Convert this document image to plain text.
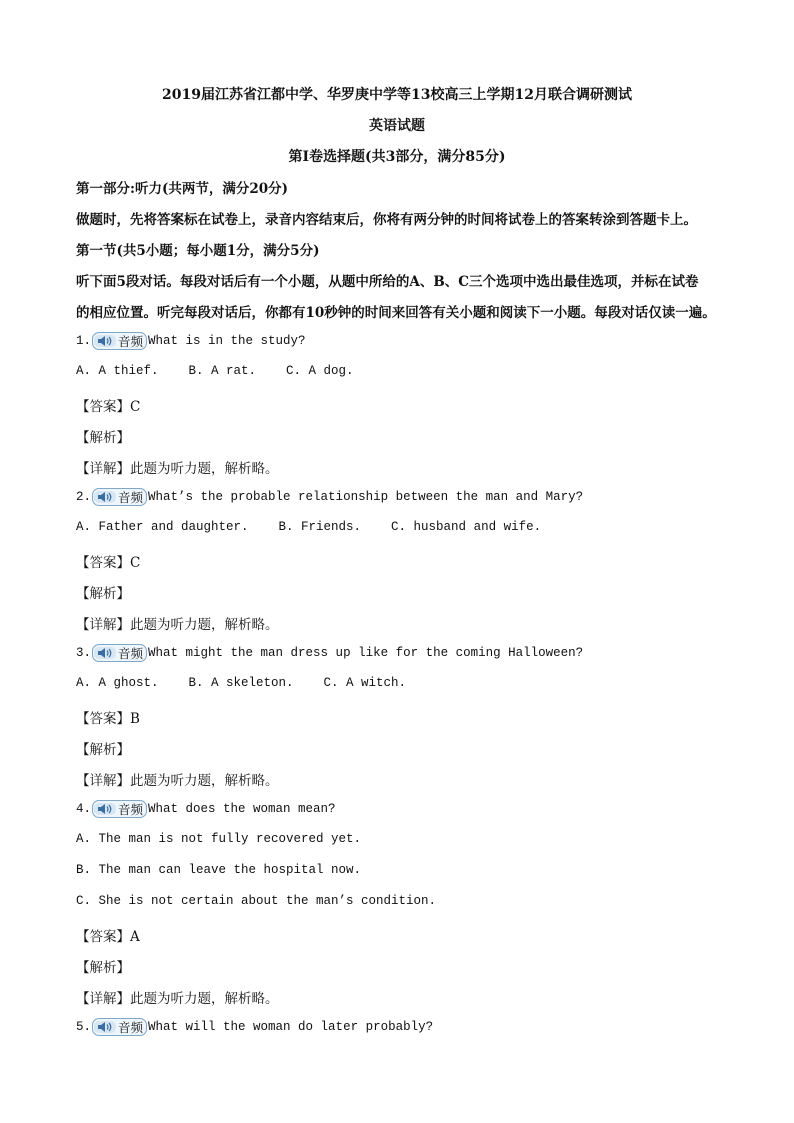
2019届江苏省江都中学、华罗庚中学等13校高三上学期12月联合调研测试
英语试题
第Ⅰ卷选择题(共3部分，满分85分)
第一部分:听力(共两节，满分20分)
做题时，先将答案标在试卷上，录音内容结束后，你将有两分钟的时间将试卷上的答案转涂到答题卡上。
第一节(共5小题；每小题1分，满分5分)
听下面5段对话。每段对话后有一个小题，从题中所给的A、B、C三个选项中选出最佳选项，并标在试卷
的相应位置。听完每段对话后，你都有10秒钟的时间来回答有关小题和阅读下一小题。每段对话仅读一遍。
1. 音频 What is in the study?
A. A thief.    B. A rat.    C. A dog.
【答案】C
【解析】
【详解】此题为听力题，解析略。
2. 音频 What’s the probable relationship between the man and Mary?
A. Father and daughter.    B. Friends.    C. husband and wife.
【答案】C
【解析】
【详解】此题为听力题，解析略。
3. 音频 What might the man dress up like for the coming Halloween?
A. A ghost.    B. A skeleton.    C. A witch.
【答案】B
【解析】
【详解】此题为听力题，解析略。
4. 音频 What does the woman mean?
A. The man is not fully recovered yet.
B. The man can leave the hospital now.
C. She is not certain about the man’s condition.
【答案】A
【解析】
【详解】此题为听力题，解析略。
5. 音频 What will the woman do later probably?
